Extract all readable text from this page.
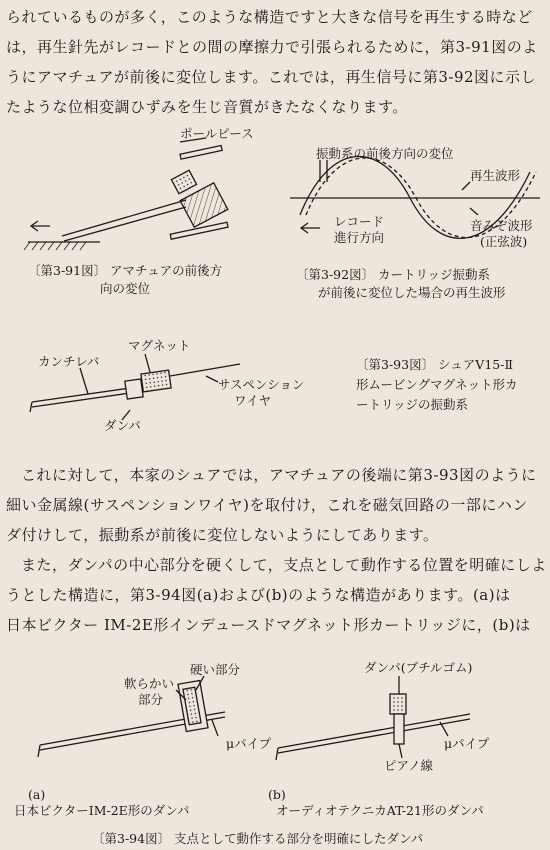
られているものが多く，このような構造ですと大きな信号を再生する時など
は，再生針先がレコードとの間の摩擦力で引張られるために，第3-91図のよ
うにアマチュアが前後に変位します。これでは，再生信号に第3-92図に示し
たような位相変調ひずみを生じ音質がきたなくなります。
ポールピース
〔第3-91図〕 アマチュアの前後方
向の変位
振動系の前後方向の変位
再生波形
レコード
進行方向
音みぞ波形
(正弦波)
〔第3-92図〕 カートリッジ振動系
が前後に変位した場合の再生波形
マグネット
カンチレバ
サスペンション
ワイヤ
ダンパ
〔第3-93図〕 シュアV15-Ⅱ
形ムービングマグネット形カ
ートリッジの振動系
これに対して，本家のシュアでは，アマチュアの後端に第3-93図のように
細い金属線(サスペンションワイヤ)を取付け，これを磁気回路の一部にハン
ダ付けして，振動系が前後に変位しないようにしてあります。
また，ダンパの中心部分を硬くして，支点として動作する位置を明確にしよ
うとした構造に，第3-94図(a)および(b)のような構造があります。(a)は
日本ビクター IM-2E形インデュースドマグネット形カートリッジに，(b)は
硬い部分
軟らかい
部分
μパイプ
ダンパ(ブチルゴム)
μパイプ
ピアノ線
(a)
日本ビクターIM-2E形のダンパ
(b)
オーディオテクニカAT-21形のダンパ
〔第3-94図〕 支点として動作する部分を明確にしたダンパ
